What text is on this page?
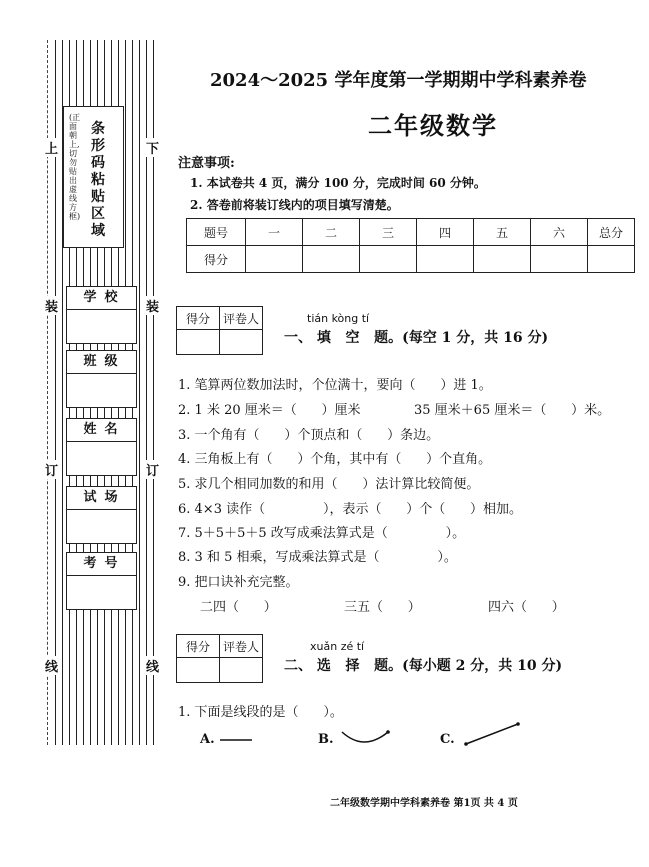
上	下
装	装
订	订
线	线
(正面朝上,切勿贴出虚线方框)
条形码粘贴区域
学校
班级
姓名
试场
考号
2024～2025 学年度第一学期期中学科素养卷
二年级数学
注意事项:
1. 本试卷共 4 页，满分 100 分，完成时间 60 分钟。
2. 答卷前将装订线内的项目填写清楚。
题号	一	二	三	四	五	六	总分
得分							
得分	评卷人
		tián kòng tí
一、 填   空   题。(每空 1 分，共 16 分)
1. 笔算两位数加法时，个位满十，要向（      ）进 1。
2. 1 米 20 厘米＝（      ）厘米	35 厘米＋65 厘米＝（      ）米。
3. 一个角有（      ）个顶点和（      ）条边。
4. 三角板上有（      ）个角，其中有（      ）个直角。
5. 求几个相同加数的和用（      ）法计算比较简便。
6. 4×3 读作（              ），表示（      ）个（      ）相加。
7. 5＋5＋5＋5 改写成乘法算式是（              ）。
8. 3 和 5 相乘，写成乘法算式是（              ）。
9. 把口诀补充完整。
二四（      ）	三五（      ）	四六（      ）
得分	评卷人
		xuǎn zé tí
二、 选   择   题。(每小题 2 分，共 10 分)
1. 下面是线段的是（      ）。
A.	B.	C.
二年级数学期中学科素养卷 第1页 共 4 页
